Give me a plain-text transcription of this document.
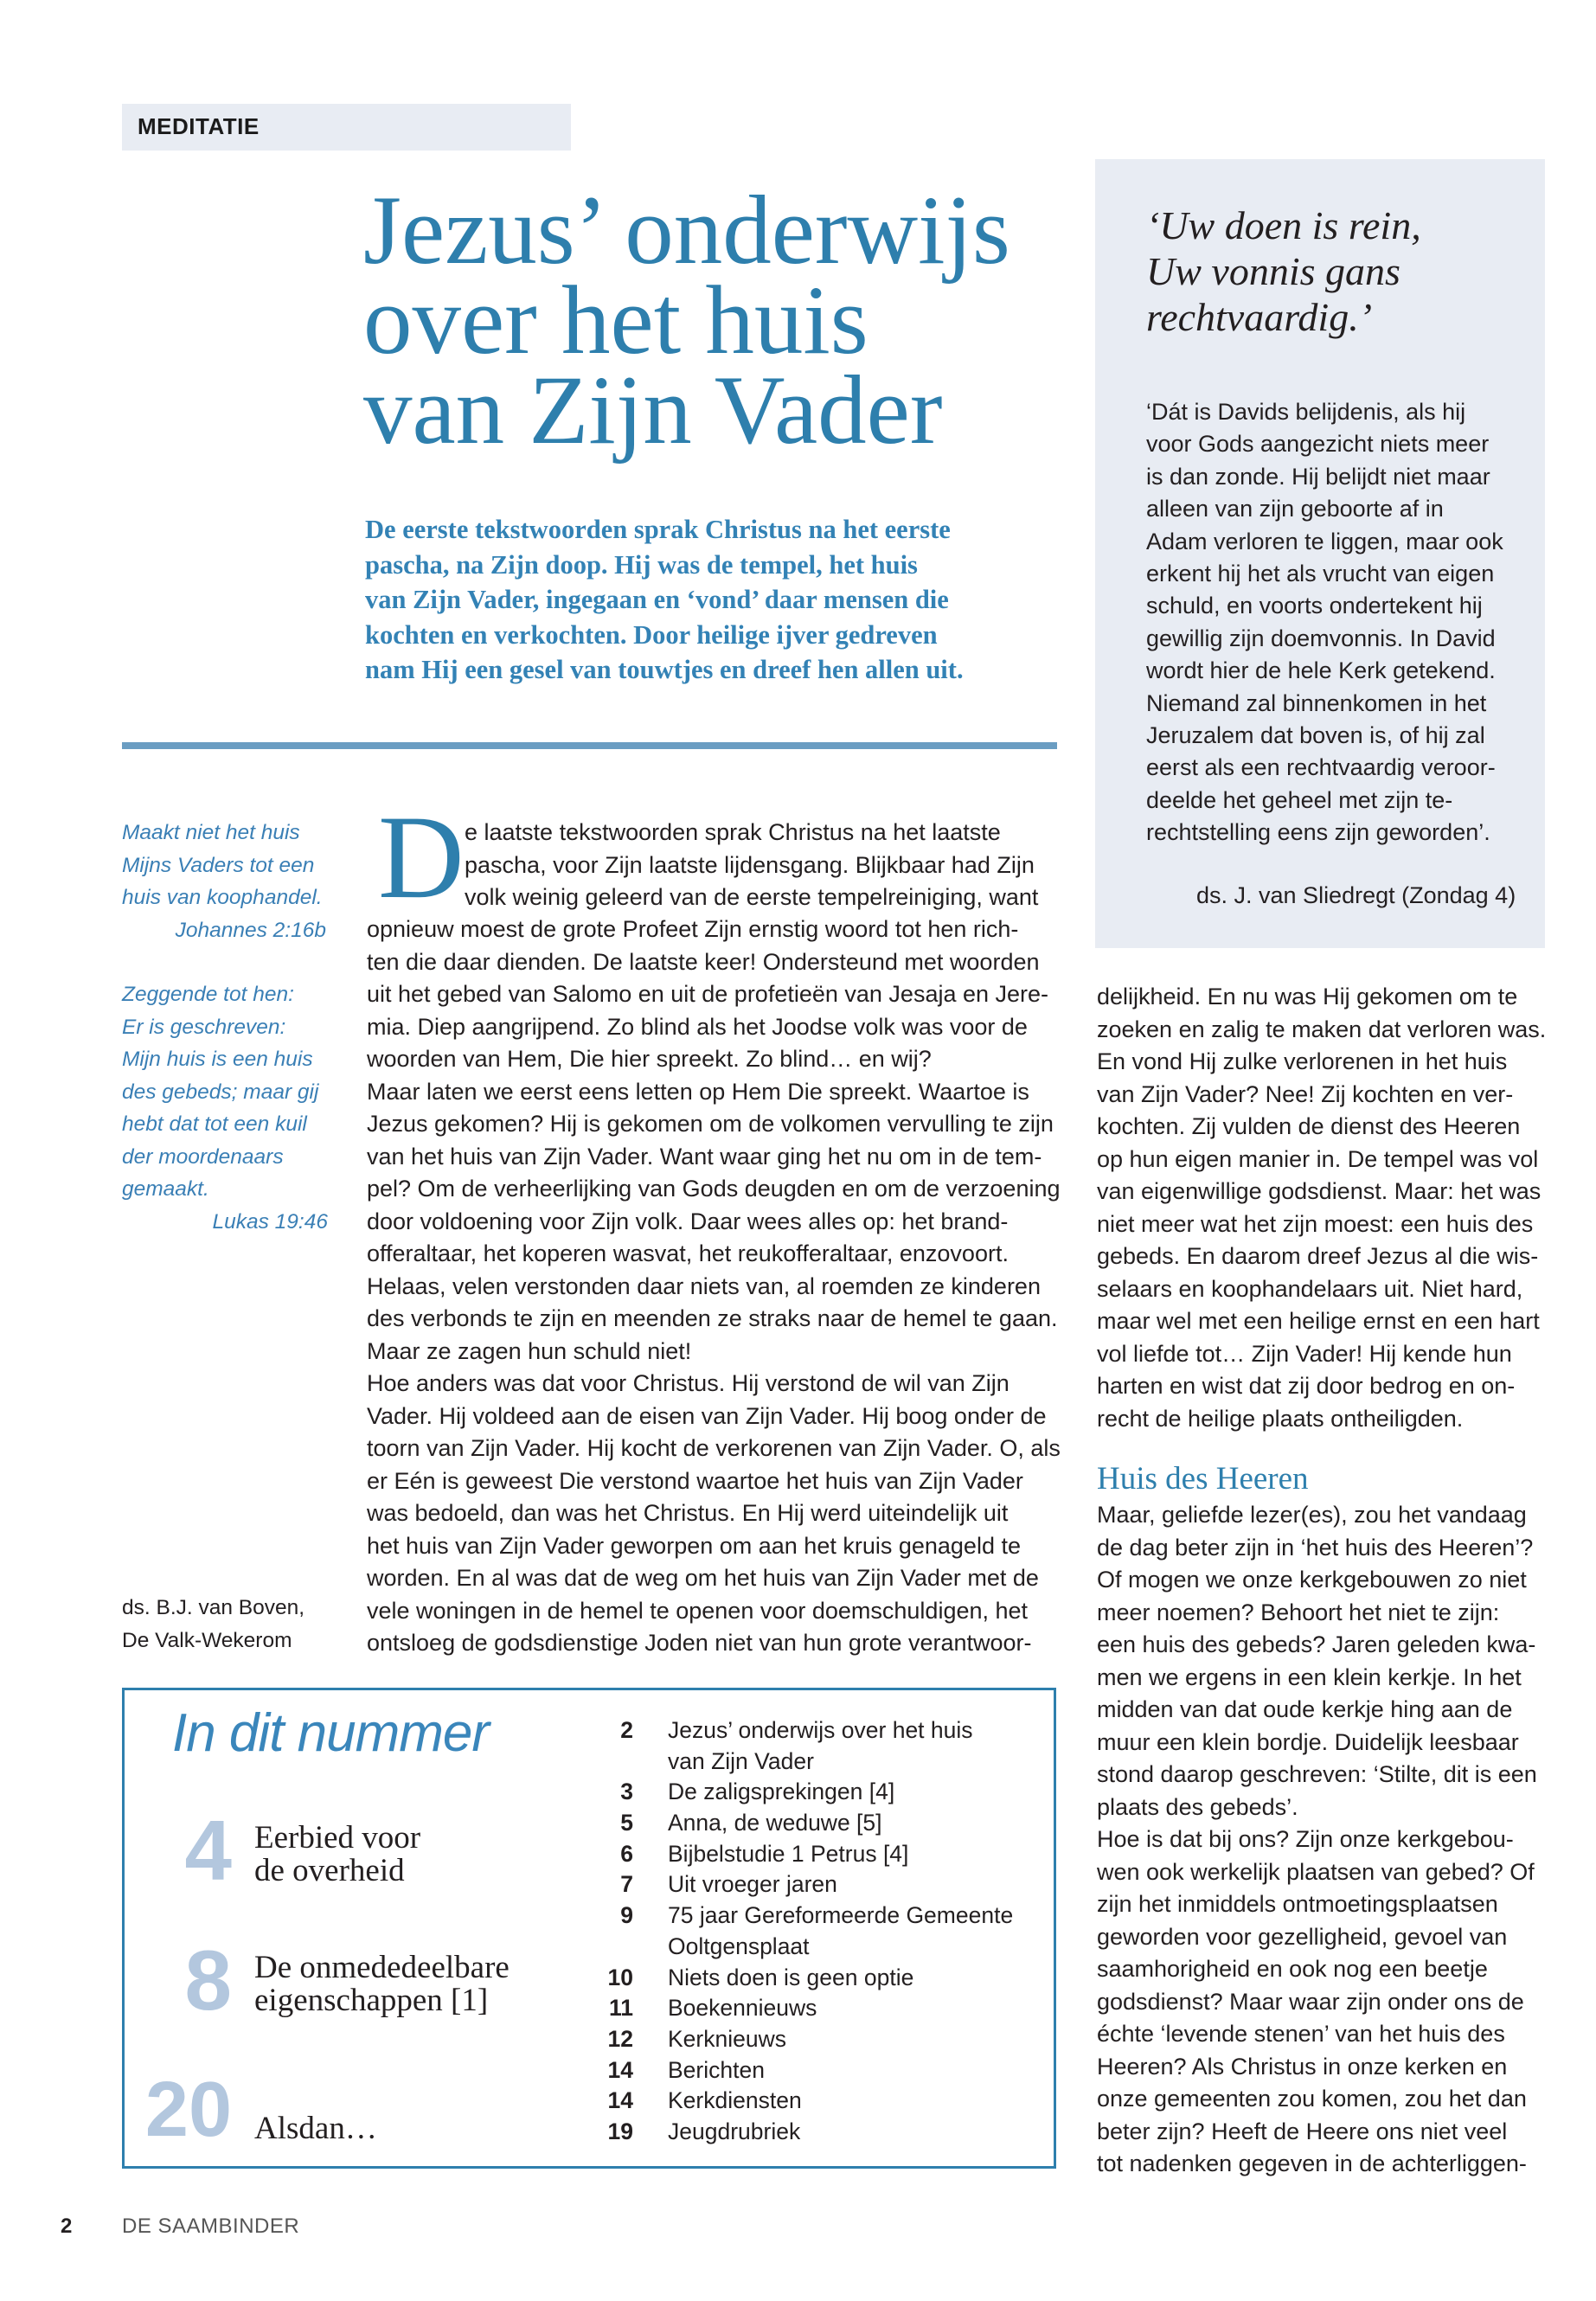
MEDITATIE
Jezus’ onderwijs
over het huis
van Zijn Vader
De eerste tekstwoorden sprak Christus na het eerste
pascha, na Zijn doop. Hij was de tempel, het huis
van Zijn Vader, ingegaan en ‘vond’ daar mensen die
kochten en verkochten. Door heilige ijver gedreven
nam Hij een gesel van touwtjes en dreef hen allen uit.
Maakt niet het huis
Mijns Vaders tot een
huis van koophandel.
Johannes 2:16b
Zeggende tot hen:
Er is geschreven:
Mijn huis is een huis
des gebeds; maar gij
hebt dat tot een kuil
der moordenaars
gemaakt.
Lukas 19:46
ds. B.J. van Boven,
De Valk-Wekerom
D e laatste tekstwoorden sprak Christus na het laatste
pascha, voor Zijn laatste lijdensgang. Blijkbaar had Zijn
volk weinig geleerd van de eerste tempelreiniging, want
opnieuw moest de grote Profeet Zijn ernstig woord tot hen rich-
ten die daar dienden. De laatste keer! Ondersteund met woorden
uit het gebed van Salomo en uit de profetieën van Jesaja en Jere-
mia. Diep aangrijpend. Zo blind als het Joodse volk was voor de
woorden van Hem, Die hier spreekt. Zo blind… en wij?
Maar laten we eerst eens letten op Hem Die spreekt. Waartoe is
Jezus gekomen? Hij is gekomen om de volkomen vervulling te zijn
van het huis van Zijn Vader. Want waar ging het nu om in de tem-
pel? Om de verheerlijking van Gods deugden en om de verzoening
door voldoening voor Zijn volk. Daar wees alles op: het brand-
offeraltaar, het koperen wasvat, het reukofferaltaar, enzovoort.
Helaas, velen verstonden daar niets van, al roemden ze kinderen
des verbonds te zijn en meenden ze straks naar de hemel te gaan.
Maar ze zagen hun schuld niet!
Hoe anders was dat voor Christus. Hij verstond de wil van Zijn
Vader. Hij voldeed aan de eisen van Zijn Vader. Hij boog onder de
toorn van Zijn Vader. Hij kocht de verkorenen van Zijn Vader. O, als
er Eén is geweest Die verstond waartoe het huis van Zijn Vader
was bedoeld, dan was het Christus. En Hij werd uiteindelijk uit
het huis van Zijn Vader geworpen om aan het kruis genageld te
worden. En al was dat de weg om het huis van Zijn Vader met de
vele woningen in de hemel te openen voor doemschuldigen, het
ontsloeg de godsdienstige Joden niet van hun grote verantwoor-
‘Uw doen is rein,
Uw vonnis gans
rechtvaardig.’
‘Dát is Davids belijdenis, als hij
voor Gods aangezicht niets meer
is dan zonde. Hij belijdt niet maar
alleen van zijn geboorte af in
Adam verloren te liggen, maar ook
erkent hij het als vrucht van eigen
schuld, en voorts ondertekent hij
gewillig zijn doemvonnis. In David
wordt hier de hele Kerk getekend.
Niemand zal binnenkomen in het
Jeruzalem dat boven is, of hij zal
eerst als een rechtvaardig veroor-
deelde het geheel met zijn te-
rechtstelling eens zijn geworden’.
ds. J. van Sliedregt (Zondag 4)
delijkheid. En nu was Hij gekomen om te
zoeken en zalig te maken dat verloren was.
En vond Hij zulke verlorenen in het huis
van Zijn Vader? Nee! Zij kochten en ver-
kochten. Zij vulden de dienst des Heeren
op hun eigen manier in. De tempel was vol
van eigenwillige godsdienst. Maar: het was
niet meer wat het zijn moest: een huis des
gebeds. En daarom dreef Jezus al die wis-
selaars en koophandelaars uit. Niet hard,
maar wel met een heilige ernst en een hart
vol liefde tot… Zijn Vader! Hij kende hun
harten en wist dat zij door bedrog en on-
recht de heilige plaats ontheiligden.
Huis des Heeren
Maar, geliefde lezer(es), zou het vandaag
de dag beter zijn in ‘het huis des Heeren’?
Of mogen we onze kerkgebouwen zo niet
meer noemen? Behoort het niet te zijn:
een huis des gebeds? Jaren geleden kwa-
men we ergens in een klein kerkje. In het
midden van dat oude kerkje hing aan de
muur een klein bordje. Duidelijk leesbaar
stond daarop geschreven: ‘Stilte, dit is een
plaats des gebeds’.
Hoe is dat bij ons? Zijn onze kerkgebou-
wen ook werkelijk plaatsen van gebed? Of
zijn het inmiddels ontmoetingsplaatsen
geworden voor gezelligheid, gevoel van
saamhorigheid en ook nog een beetje
godsdienst? Maar waar zijn onder ons de
échte ‘levende stenen’ van het huis des
Heeren? Als Christus in onze kerken en
onze gemeenten zou komen, zou het dan
beter zijn? Heeft de Heere ons niet veel
tot nadenken gegeven in de achterliggen-
In dit nummer
4 Eerbied voor
de overheid
8 De onmededeelbare
eigenschappen [1]
20 Alsdan…
2 Jezus’ onderwijs over het huis
van Zijn Vader
3 De zaligsprekingen [4]
5 Anna, de weduwe [5]
6 Bijbelstudie 1 Petrus [4]
7 Uit vroeger jaren
9 75 jaar Gereformeerde Gemeente
Ooltgensplaat
10 Niets doen is geen optie
11 Boekennieuws
12 Kerknieuws
14 Berichten
14 Kerkdiensten
19 Jeugdrubriek
2 DE SAAMBINDER
